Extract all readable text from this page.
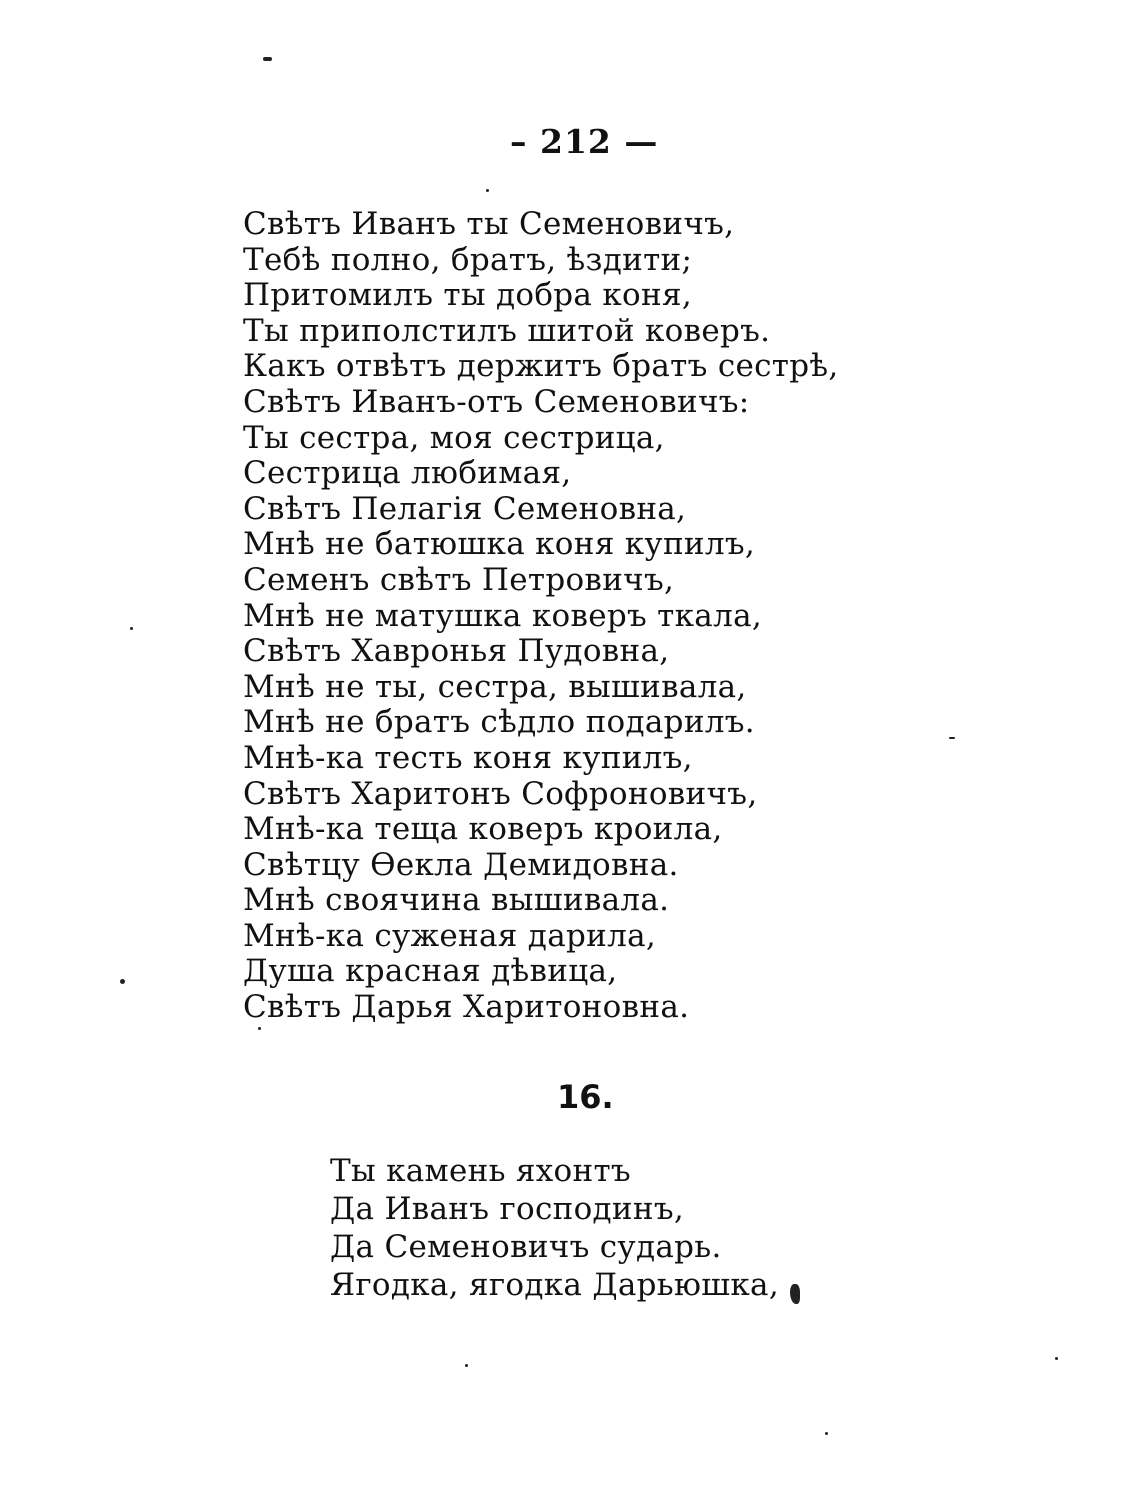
– 212 —
Свѣтъ Иванъ ты Семеновичъ,
Тебѣ полно, братъ, ѣздити;
Притомилъ ты добра коня,
Ты приполстилъ шитой коверъ.
Какъ отвѣтъ держитъ братъ сестрѣ,
Свѣтъ Иванъ-отъ Семеновичъ:
Ты сестра, моя сестрица,
Сестрица любимая,
Свѣтъ Пелагія Семеновна,
Мнѣ не батюшка коня купилъ,
Семенъ свѣтъ Петровичъ,
Мнѣ не матушка коверъ ткала,
Свѣтъ Хавронья Пудовна,
Мнѣ не ты, сестра, вышивала,
Мнѣ не братъ сѣдло подарилъ.
Мнѣ-ка тесть коня купилъ,
Свѣтъ Харитонъ Софроновичъ,
Мнѣ-ка теща коверъ кроила,
Свѣтцу Ѳекла Демидовна.
Мнѣ своячина вышивала.
Мнѣ-ка суженая дарила,
Душа красная дѣвица,
Свѣтъ Дарья Харитоновна.
16.
Ты камень яхонтъ
Да Иванъ господинъ,
Да Семеновичъ сударь.
Ягодка, ягодка Дарьюшка,
